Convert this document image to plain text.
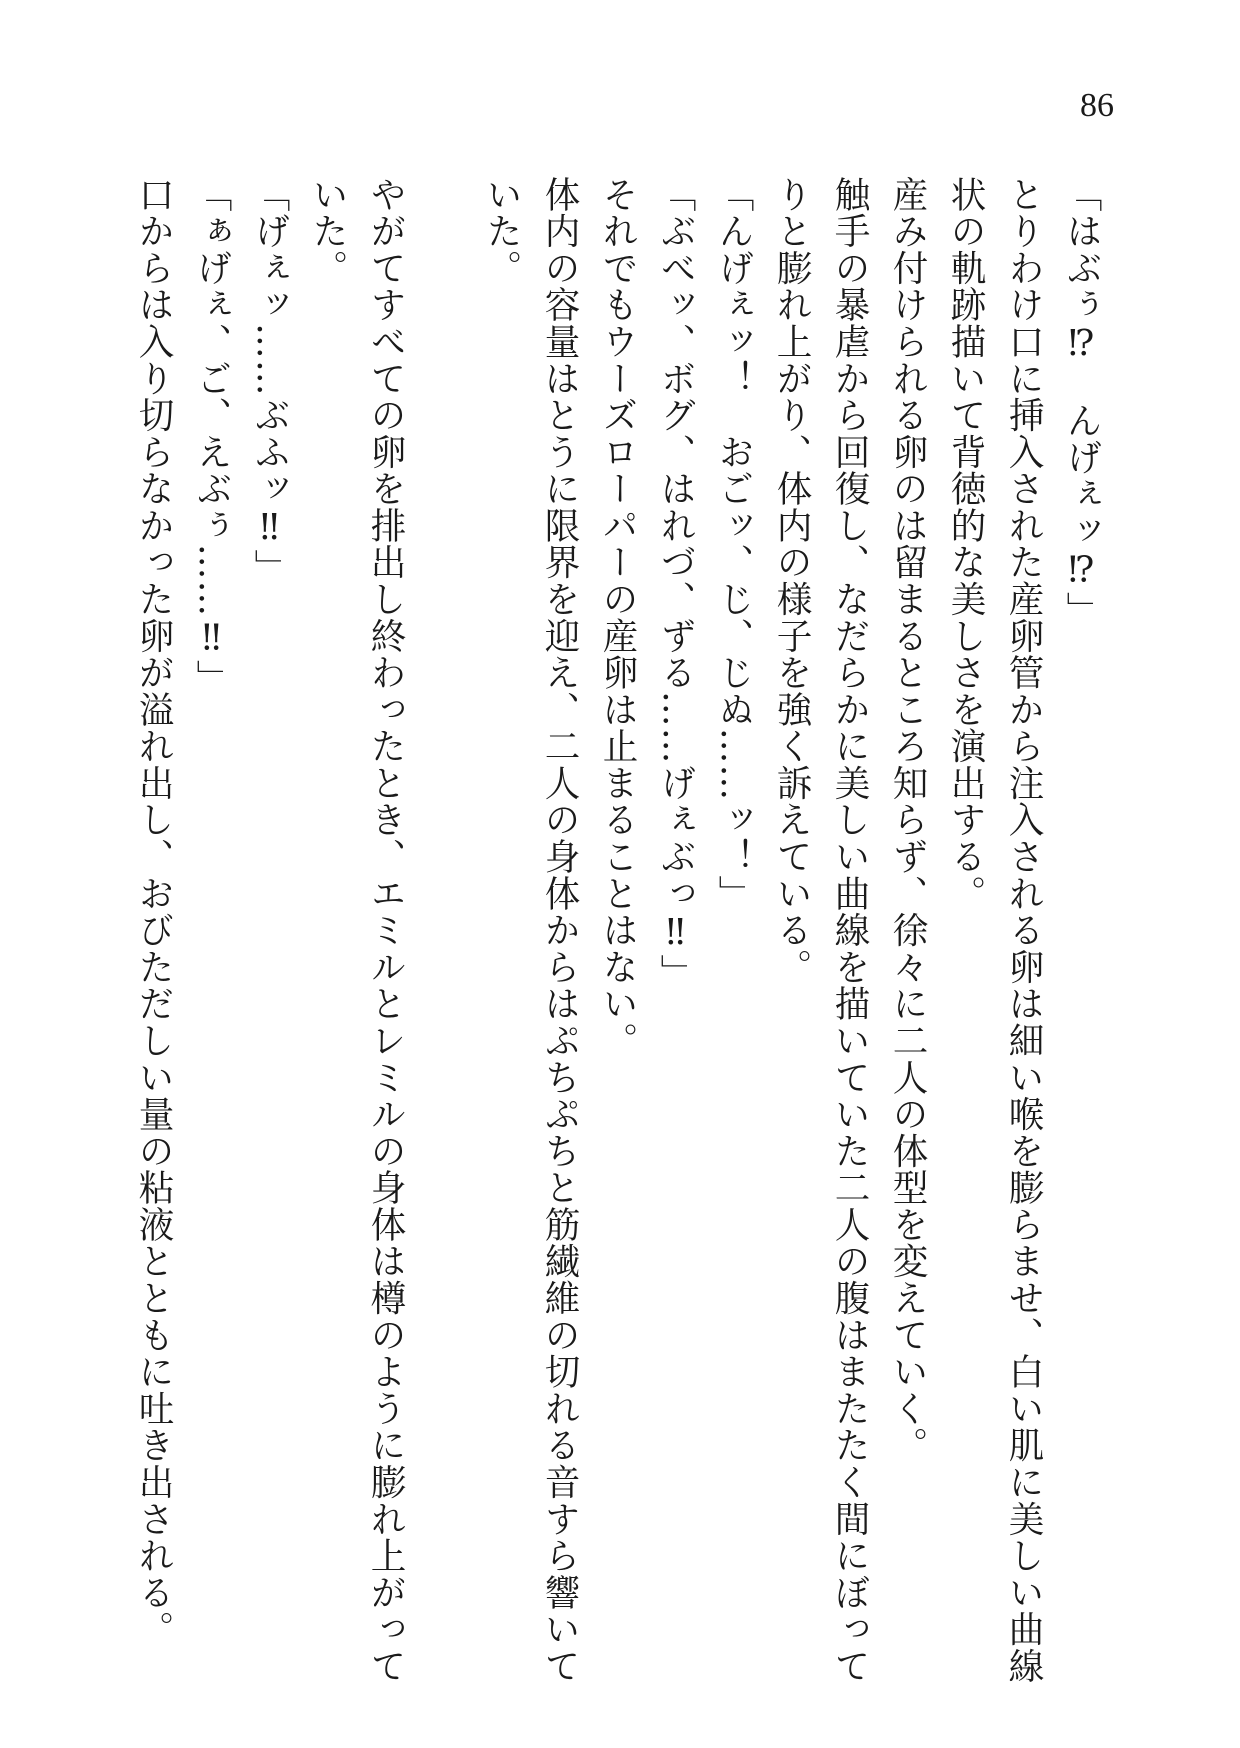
86
「はぶぅ⁉　んげぇッ⁉」
とりわけ口に挿入された産卵管から注入される卵は細い喉を膨らませ、白い肌に美しい曲線
状の軌跡描いて背徳的な美しさを演出する。
産み付けられる卵のは留まるところ知らず、徐々に二人の体型を変えていく。
触手の暴虐から回復し、なだらかに美しい曲線を描いていた二人の腹はまたたく間にぼって
りと膨れ上がり、体内の様子を強く訴えている。
「んげぇッ！　おごッ、じ、じぬ……ッ！」
「ぶべッ、ボグ、はれづ、ずる……げぇぶっ‼」
それでもウーズローパーの産卵は止まることはない。
体内の容量はとうに限界を迎え、二人の身体からはぷちぷちと筋繊維の切れる音すら響いて
いた。
やがてすべての卵を排出し終わったとき、エミルとレミルの身体は樽のように膨れ上がって
いた。
「げぇッ……ぶふッ‼」
「ぁげぇ、ご、えぶぅ……‼」
口からは入り切らなかった卵が溢れ出し、おびただしい量の粘液とともに吐き出される。
